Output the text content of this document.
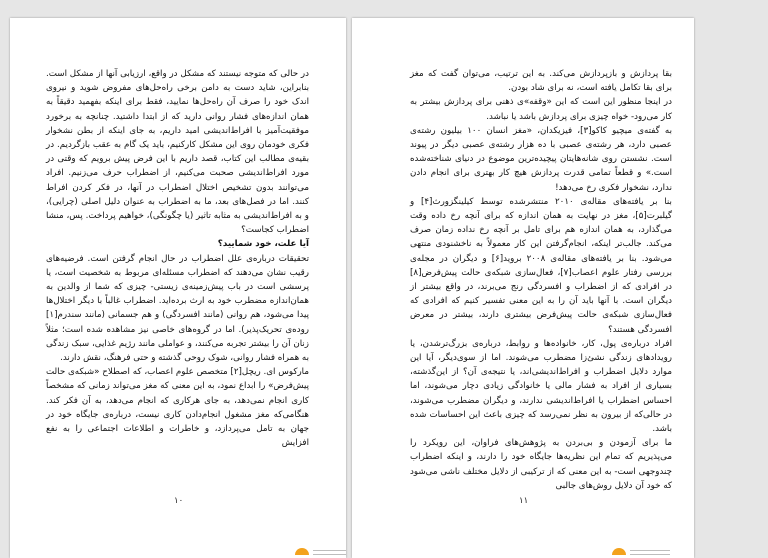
در حالی که متوجه نیستند که مشکل در واقع، ارزیابی آنها از مشکل است. بنابراین، شاید دست به دامن برخی راه‌حل‌های مفروض شوید و نیروی اندک خود را صرف آن راه‌حل‌ها نمایید، فقط برای اینکه بفهمید دقیقاً به همان اندازه‌های فشار روانی دارید که از ابتدا داشتید. چنانچه به برخورد موفقیت‌آمیز با افراط‌اندیشی امید داریم، به جای اینکه از بطن نشخوار فکری خودمان روی این مشکل کارکنیم، باید یک گام به عقب بازگردیم. در بقیه‌ی مطالب این کتاب، قصد داریم با این فرض پیش برویم که وقتی در مورد افراط‌اندیشی صحبت می‌کنیم، از اضطراب حرف می‌زنیم. افراد می‌توانند بدون تشخیص اختلال اضطراب در آنها، در فکر کردن افراط کنند. اما در فصل‌های بعد، ما به اضطراب به عنوان دلیل اصلی (چرایی)، و به افراط‌اندیشی به مثابه تاثیر (یا چگونگی)، خواهیم پرداخت. پس، منشا اضطراب کجاست؟

آیا علت، خود شمایید؟

تحقیقات درباره‌ی علل اضطراب در حال انجام گرفتن است. فرضیه‌های رقیب نشان می‌دهند که اضطراب مسئله‌ای مربوط به شخصیت است، یا پرسشی است در باب پیش‌زمینه‌ی زیستی- چیزی که شما از والدین به همان‌اندازه مضطرب خود به ارث برده‌اید. اضطراب غالباً با دیگر اختلال‌ها پیدا می‌شود، هم روانی (مانند افسردگی) و هم جسمانی (مانند سندرم[۱] روده‌ی تحریک‌پذیر). اما در گروه‌های خاصی نیز مشاهده شده است؛ مثلاً زنان آن را بیشتر تجربه می‌کنند، و عواملی مانند رژیم غذایی، سبک زندگی به همراه فشار روانی، شوک روحی گذشته و حتی فرهنگ، نقش دارند.

مارکوس ای. ریچل[۲] متخصص علوم اعصاب، که اصطلاح «شبکه‌ی حالت پیش‌فرض» را ابداع نمود، به این معنی که مغز می‌تواند زمانی که مشخصاً کاری انجام نمی‌دهد، به جای هرکاری که انجام می‌دهد، به آن فکر کند. هنگامی‌که مغز مشغول انجام‌دادن کاری نیست، درباره‌ی جایگاه خود در جهان به تامل می‌پردازد، و خاطرات و اطلاعات اجتماعی را به نفع افزایش

۱۰

بقا پردازش و بازپردازش می‌کند. به این ترتیب، می‌توان گفت که مغز برای بقا تکامل یافته است، نه برای شاد بودن.

در اینجا منظور این است که این «وقفه»‌ی ذهنی برای پردازش بیشتر به کار می‌رود- خواه چیزی برای پردازش باشد یا نباشد.

به گفته‌ی میچیو کاکو[۳]، فیزیکدان، «مغز انسان ۱۰۰ بیلیون رشته‌ی عصبی دارد، هر رشته‌ی عصبی با ده هزار رشته‌ی عصبی دیگر در پیوند است. نشستن روی شانه‌هایتان پیچیده‌ترین موضوع در دنیای شناخته‌شده است.» و قطعاً تمامی قدرت پردازش هیچ کار بهتری برای انجام دادن ندارد، نشخوار فکری رخ می‌دهد!

بنا بر یافته‌های مقاله‌ی ۲۰۱۰ منتشرشده توسط کیلینگزورث[۴] و گیلبرت[۵]، مغز در نهایت به همان اندازه که برای آنچه رخ داده وقت می‌گذارد، به همان اندازه هم برای تامل بر آنچه رخ نداده زمان صرف می‌کند. جالب‌تر اینکه، انجام‌گرفتن این کار معمولاً به ناخشنودی منتهی می‌شود. بنا بر یافته‌های مقاله‌ی ۲۰۰۸ بروید[۶] و دیگران در مجله‌ی بررسی رفتار علوم اعصاب[۷]، فعال‌سازی شبکه‌ی حالت پیش‌فرض[۸] در افرادی که از اضطراب و افسردگی رنج می‌برند، در واقع بیشتر از دیگران است. با آنها باید آن را به این معنی تفسیر کنیم که افرادی که فعال‌سازی شبکه‌ی حالت پیش‌فرض بیشتری دارند، بیشتر در معرض افسردگی هستند؟

افراد درباره‌ی پول، کار، خانواده‌ها و روابط، درباره‌ی بزرگ‌ترشدن، یا رویدادهای زندگی نشئ‌زا مضطرب می‌شوند. اما از سوی‌دیگر، آیا این موارد دلایل اضطراب و افراط‌اندیشی‌اند، یا نتیجه‌ی آن؟ از این‌گذشته، بسیاری از افراد به فشار مالی یا خانوادگی زیادی دچار می‌شوند، اما احساس اضطراب یا افراط‌اندیشی ندارند، و دیگران مضطرب می‌شوند، در حالی‌که از بیرون به نظر نمی‌رسد که چیزی باعث این احساسات شده باشد.

ما برای آزمودن و بی‌بردن به پژوهش‌های فراوان، این رویکرد را می‌پذیریم که تمام این نظریه‌ها جایگاه خود را دارند، و اینکه اضطراب چندوجهی است- به این معنی که از ترکیبی از دلایل مختلف ناشی می‌شود که خود آن دلایل روش‌های جالبی

۱۱
